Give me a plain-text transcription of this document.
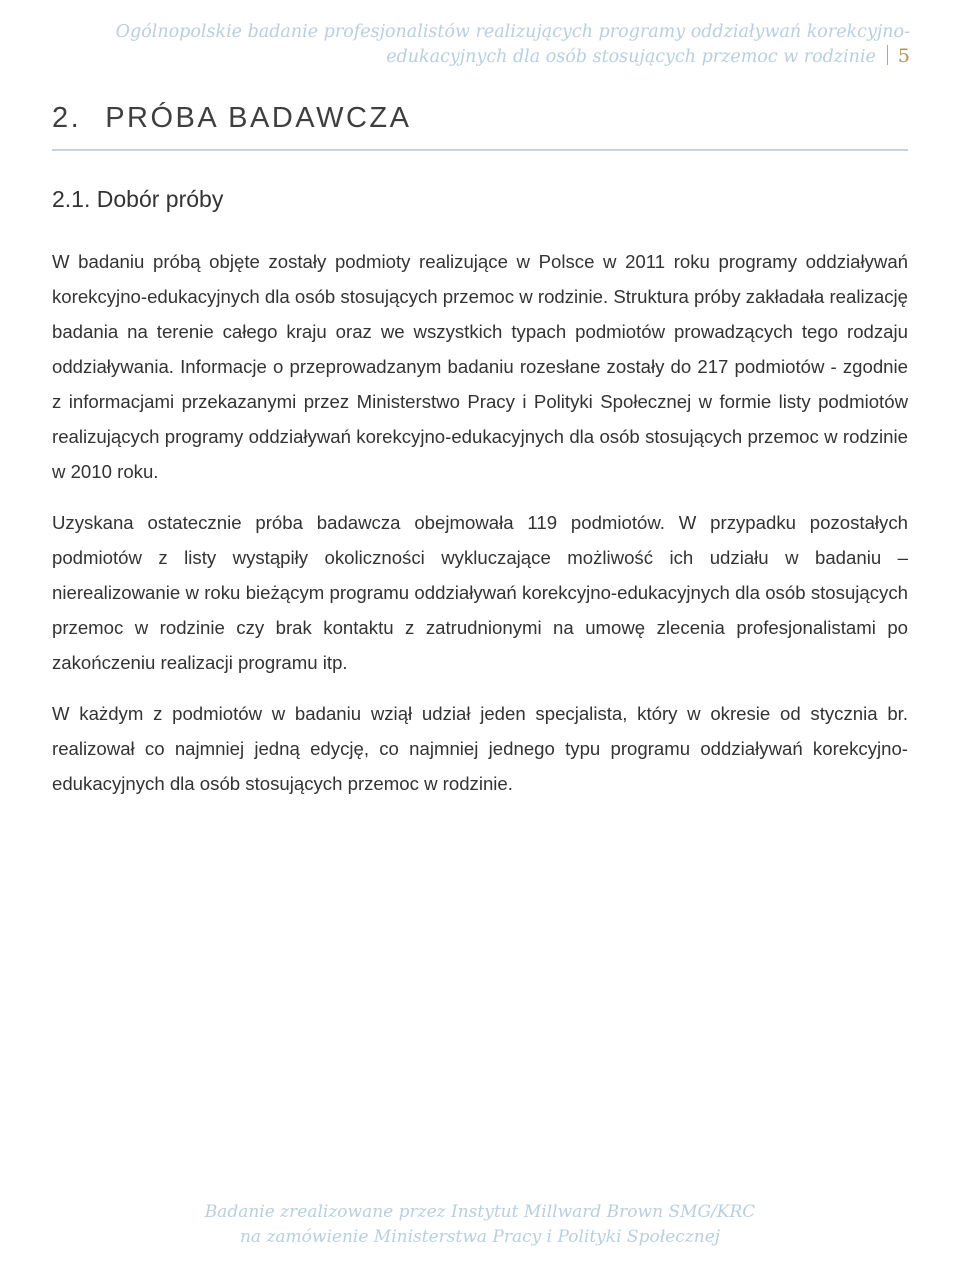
Ogólnopolskie badanie profesjonalistów realizujących programy oddziaływań korekcyjno-
edukacyjnych dla osób stosujących przemoc w rodzinie 5
2. PRÓBA BADAWCZA
2.1. Dobór próby

W badaniu próbą objęte zostały podmioty realizujące w Polsce w 2011 roku programy oddziaływań korekcyjno-edukacyjnych dla osób stosujących przemoc w rodzinie. Struktura próby zakładała realizację badania na terenie całego kraju oraz we wszystkich typach podmiotów prowadzących tego rodzaju oddziaływania. Informacje o przeprowadzanym badaniu rozesłane zostały do 217 podmiotów - zgodnie z informacjami przekazanymi przez Ministerstwo Pracy i Polityki Społecznej w formie listy podmiotów realizujących programy oddziaływań korekcyjno-edukacyjnych dla osób stosujących przemoc w rodzinie w 2010 roku.

Uzyskana ostatecznie próba badawcza obejmowała 119 podmiotów. W przypadku pozostałych podmiotów z listy wystąpiły okoliczności wykluczające możliwość ich udziału w badaniu – nierealizowanie w roku bieżącym programu oddziaływań korekcyjno-edukacyjnych dla osób stosujących przemoc w rodzinie czy brak kontaktu z zatrudnionymi na umowę zlecenia profesjonalistami po zakończeniu realizacji programu itp.

W każdym z podmiotów w badaniu wziął udział jeden specjalista, który w okresie od stycznia br. realizował co najmniej jedną edycję, co najmniej jednego typu programu oddziaływań korekcyjno-edukacyjnych dla osób stosujących przemoc w rodzinie.

Badanie zrealizowane przez Instytut Millward Brown SMG/KRC
na zamówienie Ministerstwa Pracy i Polityki Społecznej
